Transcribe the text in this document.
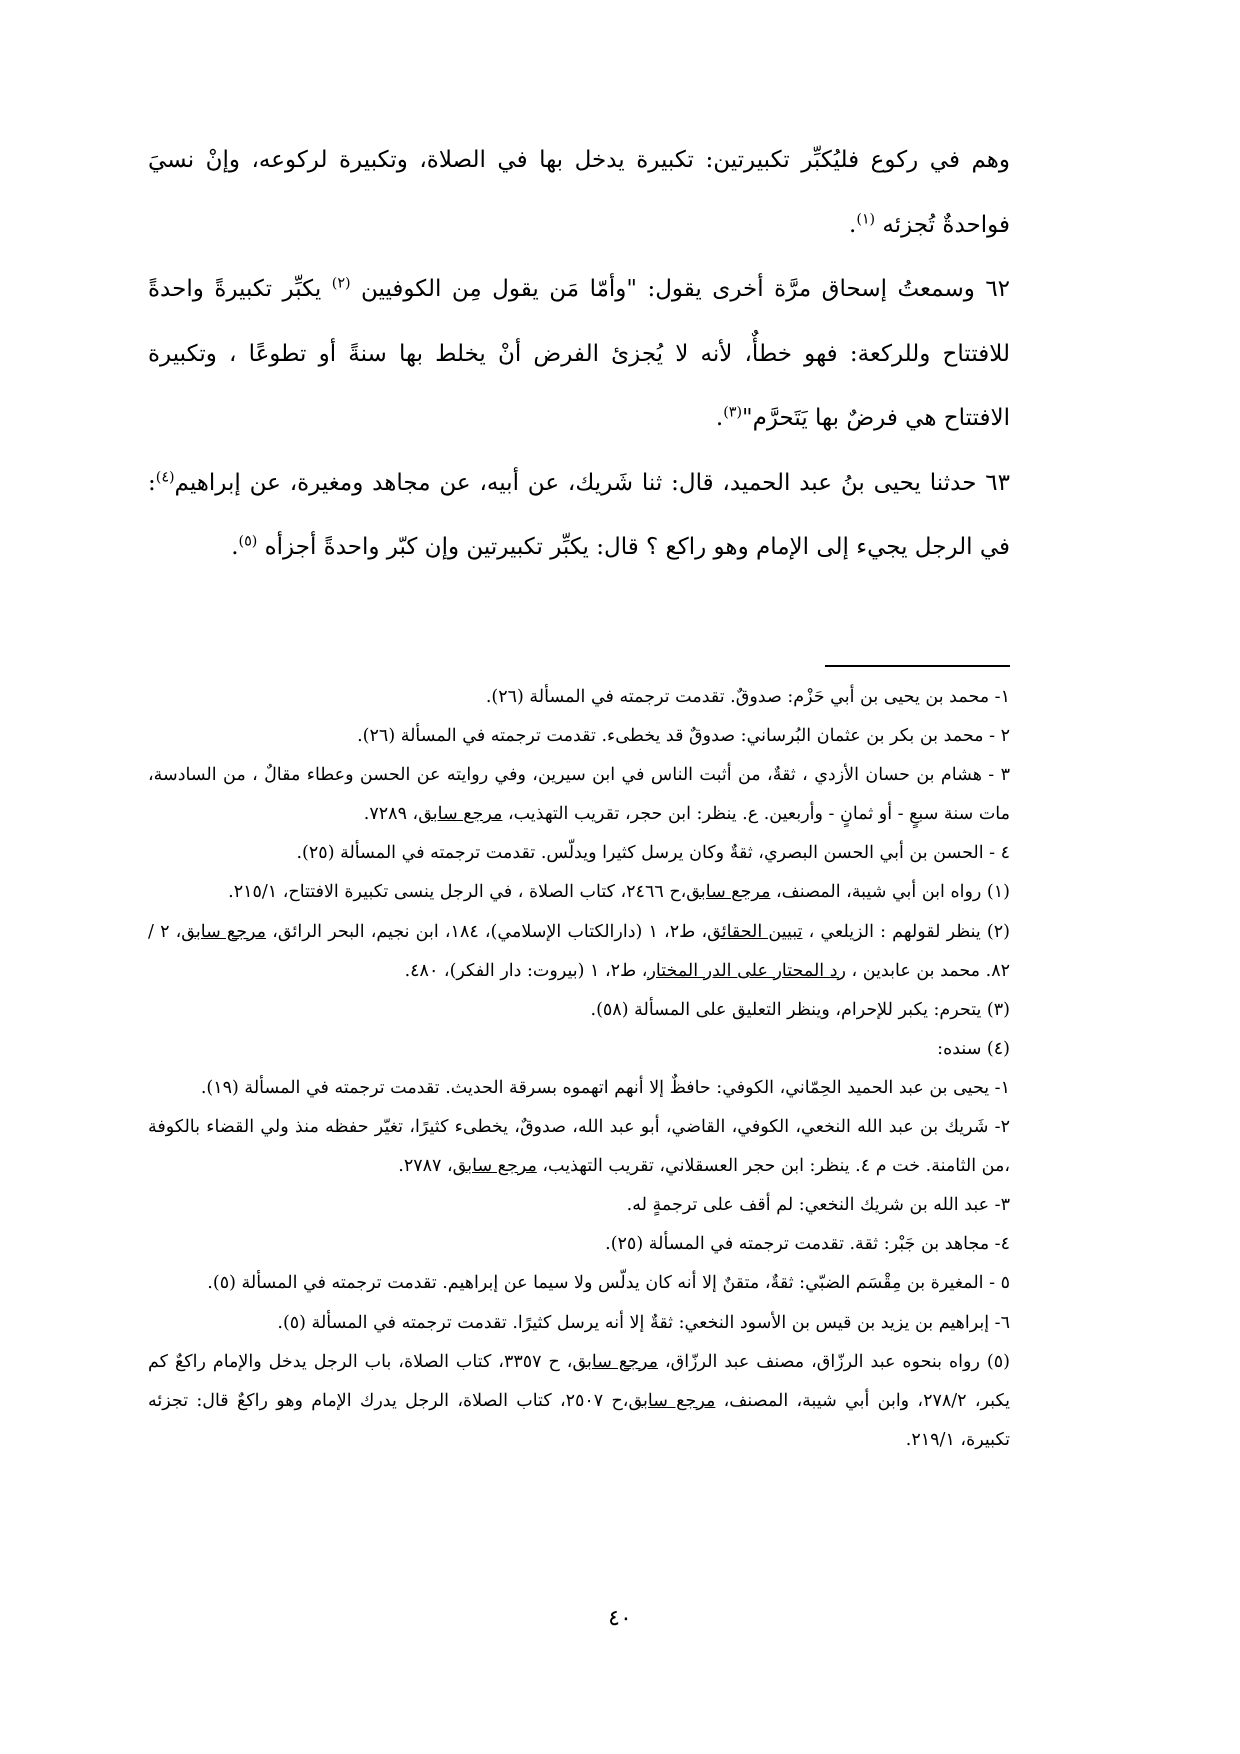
وهم في ركوع فليُكبِّر تكبيرتين: تكبيرة يدخل بها في الصلاة، وتكبيرة لركوعه، وإنْ نسيَ فواحدةٌ تُجزئه $^{(١)}$.

٦٢ وسمعتُ إسحاق مرَّة أخرى يقول: "وأمّا مَن يقول مِن الكوفيين $^{(٢)}$ يكبِّر تكبيرةً واحدةً للافتتاح وللركعة: فهو خطأٌ، لأنه لا يُجزئ الفرض أنْ يخلط بها سنةً أو تطوعًا ، وتكبيرة الافتتاح هي فرضٌ بها يَتَحرَّم"$^{(٣)}$.

٦٣ حدثنا يحيى بنُ عبد الحميد، قال: ثنا شَريك، عن أبيه، عن مجاهد ومغيرة، عن إبراهيم$^{(٤)}$: في الرجل يجيء إلى الإمام وهو راكع ؟ قال: يكبِّر تكبيرتين وإن كبّر واحدةً أجزأه $^{(٥)}$.

١- محمد بن يحيى بن أبي حَزْم: صدوقٌ. تقدمت ترجمته في المسألة (٢٦).

٢ - محمد بن بكر بن عثمان البُرساني: صدوقٌ قد يخطىء. تقدمت ترجمته في المسألة (٢٦).

٣ - هشام بن حسان الأزدي ، ثقةٌ، من أثبت الناس في ابن سيرين، وفي روايته عن الحسن وعطاء مقالٌ ، من السادسة، مات سنة سبعٍ - أو ثمانٍ - وأربعين. ع. ينظر: ابن حجر، تقريب التهذيب، مرجع سابق، ٧٢٨٩.

٤ - الحسن بن أبي الحسن البصري، ثقةٌ وكان يرسل كثيرا ويدلّس. تقدمت ترجمته في المسألة (٢٥).

(١) رواه ابن أبي شيبة، المصنف، مرجع سابق،ح ٢٤٦٦، كتاب الصلاة ، في الرجل ينسى تكبيرة الافتتاح، ٢١٥/١.

(٢) ينظر لقولهم : الزيلعي ، تبيين الحقائق، ط٢، ١ (دارالكتاب الإسلامي)، ١٨٤، ابن نجيم، البحر الرائق، مرجع سابق، ٢ / ٨٢. محمد بن عابدين ، رد المحتار على الدر المختار، ط٢، ١ (بيروت: دار الفكر)، ٤٨٠.

(٣) يتحرم: يكبر للإحرام، وينظر التعليق على المسألة (٥٨).

(٤) سنده:

١- يحيى بن عبد الحميد الحِمّاني، الكوفي: حافظٌ إلا أنهم اتهموه بسرقة الحديث. تقدمت ترجمته في المسألة (١٩).

٢- شَريك بن عبد الله النخعي، الكوفي، القاضي، أبو عبد الله، صدوقٌ، يخطىء كثيرًا، تغيّر حفظه منذ ولي القضاء بالكوفة ،من الثامنة. خت م ٤. ينظر: ابن حجر العسقلاني، تقريب التهذيب، مرجع سابق، ٢٧٨٧.

٣- عبد الله بن شريك النخعي: لم أقف على ترجمةٍ له.

٤- مجاهد بن جَبْر: ثقة. تقدمت ترجمته في المسألة (٢٥).

٥ - المغيرة بن مِقْسَم الضبّي: ثقةٌ، متقنٌ إلا أنه كان يدلّس ولا سيما عن إبراهيم. تقدمت ترجمته في المسألة (٥).

٦- إبراهيم بن يزيد بن قيس بن الأسود النخعي: ثقةٌ إلا أنه يرسل كثيرًا. تقدمت ترجمته في المسألة (٥).

(٥) رواه بنحوه عبد الرزّاق، مصنف عبد الرزّاق، مرجع سابق، ح ٣٣٥٧، كتاب الصلاة، باب الرجل يدخل والإمام راكعٌ كم يكبر، ٢٧٨/٢، وابن أبي شيبة، المصنف، مرجع سابق،ح ٢٥٠٧، كتاب الصلاة، الرجل يدرك الإمام وهو راكعٌ قال: تجزئه تكبيرة، ٢١٩/١.

٤٠
